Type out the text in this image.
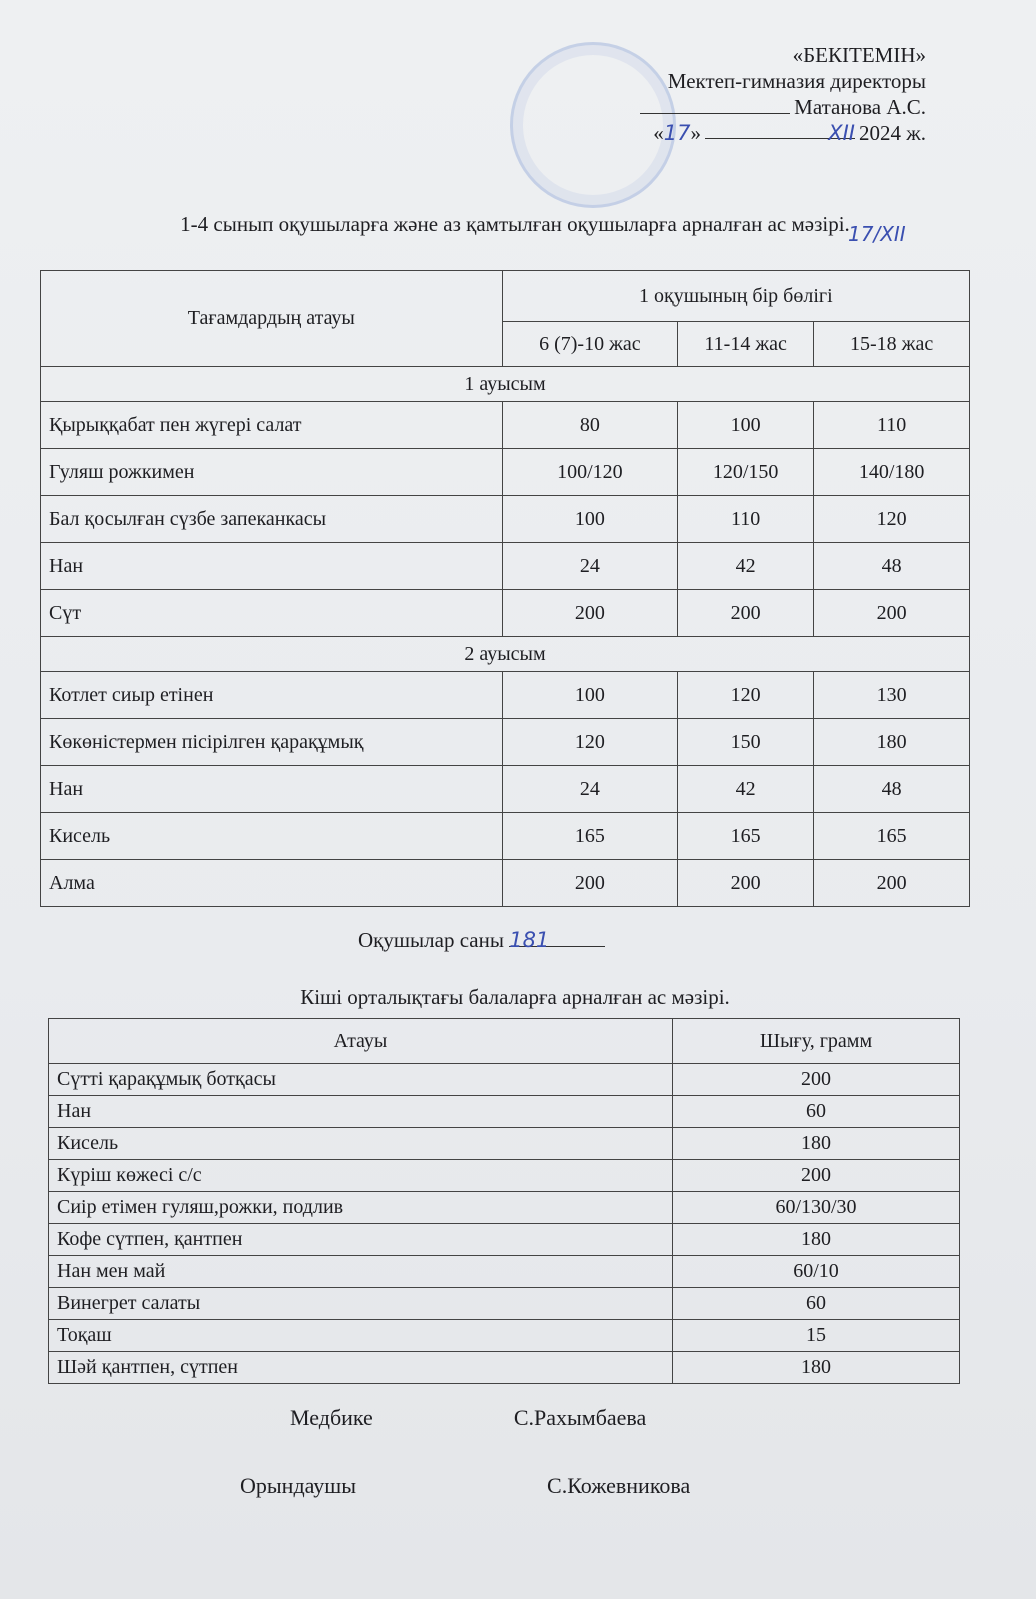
«БЕКІТЕМІН»
Мектеп-гимназия директоры
Матанова А.С.
«17»	XII 2024 ж.
1-4 сынып оқушыларға және аз қамтылған оқушыларға арналған ас мәзірі.
17/XII
Тағамдардың атауы	1 оқушының бір бөлігі		
	6 (7)-10 жас	11-14 жас	15-18 жас
1 ауысым			
Қырыққабат пен жүгері салат	80	100	110
Гуляш рожкимен	100/120	120/150	140/180
Бал қосылған сүзбе запеканкасы	100	110	120
Нан	24	42	48
Сүт	200	200	200
2 ауысым			
Котлет сиыр етінен	100	120	130
Көкөністермен пісірілген қарақұмық	120	150	180
Нан	24	42	48
Кисель	165	165	165
Алма	200	200	200
Оқушылар саны 181
Кіші орталықтағы балаларға арналған ас мәзірі.
Атауы	Шығу, грамм
Сүтті қарақұмық ботқасы	200
Нан	60
Кисель	180
Күріш көжесі с/с	200
Сиір етімен гуляш,рожки, подлив	60/130/30
Кофе сүтпен, қантпен	180
Нан мен май	60/10
Винегрет салаты	60
Тоқаш	15
Шәй қантпен, сүтпен	180
Медбике	С.Рахымбаева
Орындаушы	С.Кожевникова
